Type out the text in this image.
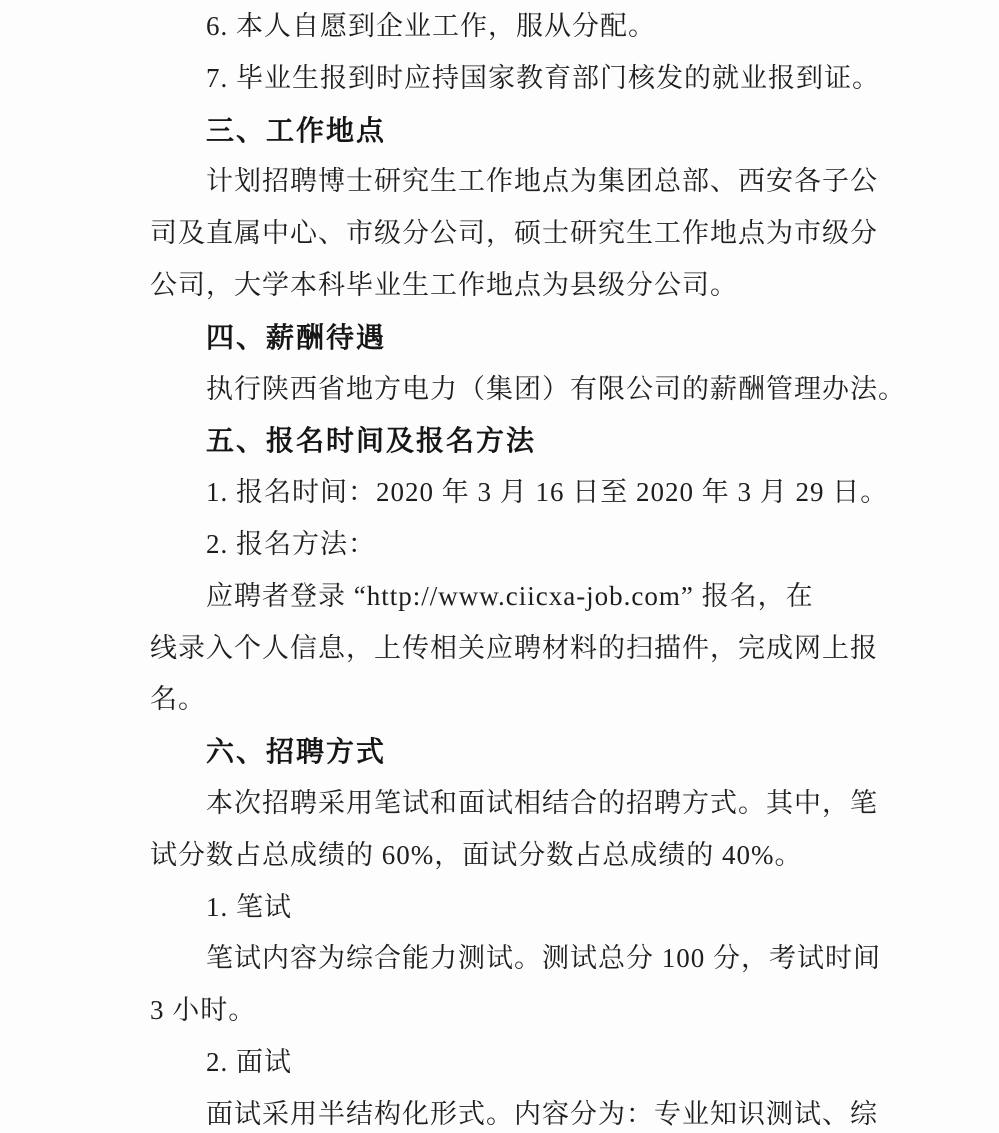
6. 本人自愿到企业工作，服从分配。
7. 毕业生报到时应持国家教育部门核发的就业报到证。
三、工作地点
计划招聘博士研究生工作地点为集团总部、西安各子公
司及直属中心、市级分公司，硕士研究生工作地点为市级分
公司，大学本科毕业生工作地点为县级分公司。
四、薪酬待遇
执行陕西省地方电力（集团）有限公司的薪酬管理办法。
五、报名时间及报名方法
1. 报名时间：2020 年 3 月 16 日至 2020 年 3 月 29 日。
2. 报名方法：
应聘者登录 “http://www.ciicxa-job.com” 报名，在
线录入个人信息，上传相关应聘材料的扫描件，完成网上报
名。
六、招聘方式
本次招聘采用笔试和面试相结合的招聘方式。其中，笔
试分数占总成绩的 60%，面试分数占总成绩的 40%。
1. 笔试
笔试内容为综合能力测试。测试总分 100 分，考试时间
3 小时。
2. 面试
面试采用半结构化形式。内容分为：专业知识测试、综
